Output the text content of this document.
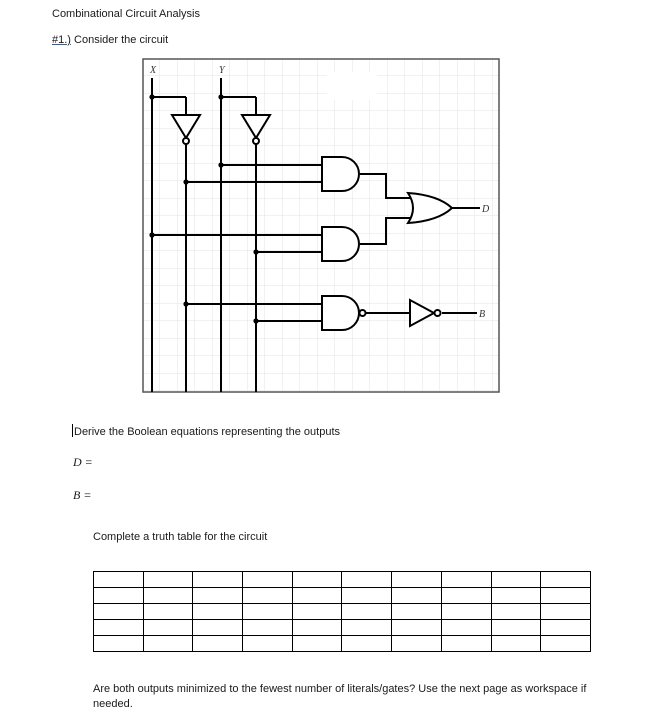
Combinational Circuit Analysis
#1.) Consider the circuit
X	Y
D
B
Derive the Boolean equations representing the outputs
D =
B =
Complete a truth table for the circuit

Are both outputs minimized to the fewest number of literals/gates? Use the next page as workspace if needed.
